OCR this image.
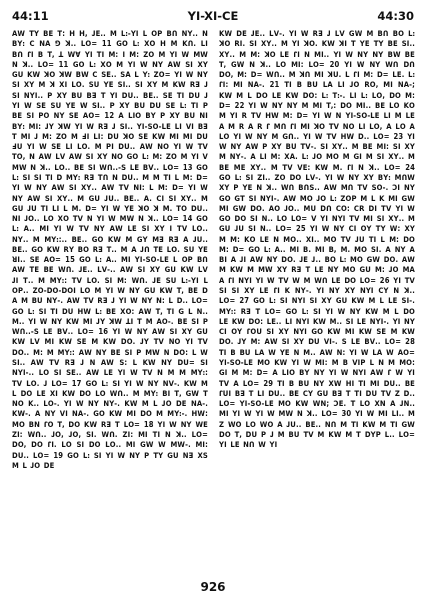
44:11	YI-XI-CE	44:30

ꓮꓪ ꓔꓬ ꓐꓰ ꓔ: ꓧ ꓧ, ꓙꓰ.. ꓟ ꓡꓽ-ꓬꓲ ꓡ ꓳꓑ ꓐꓵ ꓠꓬ.. ꓠ ꓐꓬꓽ ꓚ ꓠꓮ ꓨ ꓘ.. ꓡꓳ= 11 ꓖꓳ ꓡꓽ ꓫꓳ ꓧ ꓟ ꓗꓵ. ꓡꓲ ꓐꓵ ꓩꓲ ꓐ ꓔꓹ ꓕ ꓪꓯ ꓬꓲ ꓔꓲ ꓟ: ꓲ ꓟ: ꓜꓳ ꓟ ꓬꓲ ꓪ ꓟꓪ ꓠ ꓘ.. ꓡꓳ= 11 ꓖꓳ ꓡꓽ ꓫꓳ ꓟ ꓬꓲ ꓪ ꓠꓬ ꓮꓪ ꓢꓲ ꓫꓬ ꓖꓴ ꓗꓪ ꓘꓳ ꓘꓪ ꓐꓪ ꓚ ꓢꓰ.. ꓢꓮ ꓡ ꓬꓽ ꓜꓳ= ꓬꓲ ꓪ ꓠꓬ ꓢꓲ ꓫꓬ ꓟ ꓘ ꓫꓲ ꓡꓳ. ꓢꓴ ꓬꓰ ꓢꓲ.. ꓢꓲ ꓫꓬ ꓟ ꓗꓪ ꓣꓱ ꓙ ꓢꓲ ꓠꓬꓲ.. ꓑ ꓫꓬ ꓐꓴ ꓐꓱ ꓔ ꓬꓲ ꓓꓴ.. ꓐꓰ.. ꓢꓰ ꓔꓲ ꓓꓴ ꓙ ꓬꓲ ꓪ ꓢꓰ ꓢꓴ ꓬꓰ ꓪ ꓢꓲ.. ꓑ ꓫꓬ ꓐꓴ ꓓꓴ ꓢꓰ ꓡꓽ ꓔꓲ ꓑ ꓐꓰ ꓢꓲ ꓑꓳ ꓠꓬ ꓢꓰ ꓮꓳ= 12 ꓮ ꓡꓲꓳ ꓐꓬ ꓑ ꓫꓬ ꓐꓴ ꓠꓲ ꓐꓬꓽ ꓟꓲ: ꓙꓬ ꓘꓪ ꓬꓲ ꓪ ꓣꓱ ꓙ ꓢꓲ.. ꓬꓲ-ꓢꓳ-ꓡꓰ ꓡꓲ ꓦꓲ ꓐꓱ ꓔ ꓟꓲ ꓙ ꓟ: ꓜꓳ ꓟ ꓞꓲ ꓡꓲ: ꓓꓴ ꓘꓳ ꓢꓰ ꓗꓪ ꓟꓲ ꓟꓲ ꓓꓴ ꓞꓴ ꓬꓲ ꓪ ꓢꓰ ꓡꓲ ꓡꓳ. ꓟ ꓑꓲ ꓓꓴ.. ꓮꓪ ꓠꓳ ꓬꓲ ꓪ ꓔꓦ ꓔꓳ, ꓠ ꓮꓪ ꓡꓦ ꓮꓪ ꓢꓲ ꓫꓬ ꓠꓳ ꓖꓳ ꓡꓽ ꓟ: ꓜꓳ ꓟ ꓬꓲ ꓦ ꓟꓪ ꓠ ꓘ.. ꓡꓳ.. ꓐꓰ ꓢꓲ ꓪꓵ..-ꓢ ꓡꓰ ꓐꓦ.. ꓡꓳ= 13 ꓖꓳ ꓡꓽ ꓢꓲ ꓢꓲ ꓔꓲ ꓓ ꓟꓬꓽ ꓣꓱ ꓔꓵ ꓠ ꓓꓴ.. ꓟ ꓟ ꓔꓲ ꓡ ꓟ: ꓓ= ꓬꓲ ꓪ ꓠꓬ ꓮꓪ ꓢꓲ ꓫꓬ.. ꓮꓪ ꓔꓦ ꓠꓲ: ꓡ ꓟ: ꓓ= ꓬꓲ ꓪ ꓠꓬ ꓮꓪ ꓢꓲ ꓫꓬ.. ꓟ ꓖꓴ ꓙꓴ.. ꓐꓰ.. ꓮ. ꓚꓲ ꓢꓲ ꓫꓬ.. ꓟ ꓖꓴ ꓙꓴ ꓔꓲ ꓡꓲ ꓡ ꓟ. ꓓ= ꓬꓲ ꓪ ꓬꓰ ꓘꓳ ꓘ ꓟ. ꓔꓳ ꓓꓴ.. ꓠꓲ ꓙꓳ.. ꓡꓳ ꓫꓳ ꓔꓦ ꓠ ꓬꓲ ꓪ ꓟꓪ ꓠ ꓘ.. ꓡꓳ= 14 ꓖꓳ ꓡꓽ ꓮ.. ꓟꓲ ꓬꓲ ꓪ ꓔꓦ ꓠꓬ ꓮꓪ ꓡꓰ ꓢꓲ ꓫꓬ ꓲ ꓔꓦ ꓡꓳ.. ꓠꓬ.. ꓟ ꓟꓬꓽ:.. ꓐꓰ.. ꓖꓳ ꓗꓪ ꓟ ꓖꓬ ꓟꓱ ꓣꓱ ꓮ ꓙꓴ.. ꓐꓰ.. ꓖꓳ ꓗꓪ ꓣꓬ ꓐꓳ ꓣꓱ ꓔ.. ꓟ ꓮ ꓙꓵ ꓔꓰ ꓡꓳ. ꓢꓴ ꓬꓰ ꓤꓲ.. ꓢꓰ ꓮꓳ= 15 ꓖꓳ ꓡꓽ ꓮ.. ꓟꓲ ꓬꓲ-ꓢꓳ-ꓡꓰ ꓡ ꓳꓑ ꓐꓵ ꓮꓪ ꓔꓰ ꓐꓰ ꓪꓵ. ꓙꓰ.. ꓡꓦ-.. ꓮꓪ ꓢꓲ ꓫꓬ ꓖꓴ ꓗꓪ ꓡꓦ ꓙꓲ ꓔ.. ꓟ ꓟꓬꓽ: ꓔꓦ ꓡꓳ. ꓢꓲ ꓟ: ꓪꓵ. ꓙꓰ ꓢꓴ ꓡꓽ-ꓬꓲ ꓡ ꓳꓑ.. ꓜꓳ-ꓓꓳ-ꓓꓳꓲ ꓡꓳ ꓟ ꓬꓲ ꓪ ꓠꓬ ꓖꓴ ꓗꓪ ꓔꓹ ꓐꓰ ꓓ ꓮ ꓟ ꓐꓴ ꓠꓬ-. ꓮꓪ ꓔꓦ ꓣꓱ ꓙ ꓬꓲ ꓪ ꓠꓬ ꓠ: ꓡ ꓓ.. ꓡꓳ= ꓖꓳ ꓡꓽ ꓢꓲ ꓔꓲ ꓓꓴ ꓧꓪ ꓡꓽ ꓐꓰ ꓫꓳ: ꓮꓪ ꓔꓹ ꓔꓲ ꓖ ꓡ ꓠ.. ꓟ.. ꓬꓲ ꓪ ꓠꓬ ꓗꓪ ꓟꓲ ꓙꓬ ꓘꓪ ꓕꓲ ꓔ ꓟ ꓮꓳ-. ꓐꓰ ꓢꓲ ꓑ ꓪꓵ..-ꓢ ꓡꓰ ꓐꓦ.. ꓡꓳ= 16 ꓬꓲ ꓪ ꓠꓬ ꓮꓪ ꓢꓲ ꓫꓬ ꓖꓴ ꓗꓪ ꓡꓦ ꓟꓲ ꓗꓪ ꓢꓰ ꓟ ꓗꓪ ꓓꓳ. ꓙꓬ ꓔꓦ ꓠꓳ ꓬꓲ ꓔꓦ ꓓꓳ.. ꓟ: ꓟ ꓟꓬꓽ: ꓮꓪ ꓠꓬ ꓐꓰ ꓢꓲ ꓑ ꓟꓪ ꓠ ꓓꓳ: ꓡ ꓪ ꓢꓲ.. ꓮꓪ ꓔꓦ ꓣꓱ ꓙ ꓠ ꓮꓪ ꓢ: ꓡ ꓗꓪ ꓠꓬ ꓓꓴ= ꓢꓲ ꓠꓬꓲ-.. ꓡꓳ ꓢꓲ ꓢꓰ.. ꓮꓪ ꓡꓰ ꓬꓲ ꓪ ꓔꓦ ꓠ ꓟ ꓟ ꓟꓬꓽ: ꓔꓦ ꓡꓳ. ꓙ ꓡꓳ= 17 ꓖꓳ ꓡꓽ ꓢꓲ ꓬꓲ ꓪ ꓠꓬ ꓠꓦ-. ꓗꓪ ꓟ ꓡ ꓓꓳ ꓡꓰ ꓫꓲ ꓗꓪ ꓓꓳ ꓡꓳ ꓪꓵ.. ꓟ ꓟꓬꓽ ꓐꓲ ꓔꓹ ꓖꓪ ꓔ ꓠꓳ ꓗ.. ꓡꓳ-. ꓬꓲ ꓪ ꓠꓬ ꓠꓬ-. ꓗꓪ ꓟ ꓡ ꓙꓳ ꓓꓰ ꓠꓮ-. ꓗꓪ-. ꓮ ꓠꓬ ꓦꓲ ꓠꓮ-. ꓖꓳ ꓗꓪ ꓟꓲ ꓓꓳ ꓟ ꓟꓬꓽ-. ꓧꓪ: ꓟꓳ ꓐꓠ ꓩꓳ ꓔꓹ ꓓꓳ ꓗꓪ ꓣꓱ ꓔ ꓡꓳ= 18 ꓬꓲ ꓪ ꓠꓬ ꓪꓰ ꓜꓲ: ꓪꓵ.. ꓙꓳ, ꓙꓳ, ꓢꓲ. ꓪꓵ. ꓜꓲ: ꓟꓲ ꓔꓲ ꓠ ꓘ.. ꓡꓳ= ꓓꓳ, ꓓꓳ ꓩꓲ. ꓡꓳ ꓢꓲ ꓓꓳ ꓡꓳ.. ꓟꓲ ꓖꓪ ꓪ ꓟꓪ-. ꓟꓲ: ꓓꓴ.. ꓡꓳ= 19 ꓖꓳ ꓡꓽ ꓢꓲ ꓬꓲ ꓪ ꓠꓬ ꓑ ꓔꓬ ꓖꓴ ꓠꓱ ꓫꓢ ꓟ ꓡ ꓙꓳ ꓓꓰ

ꓗꓪ ꓓꓰ ꓙꓰ.. ꓡꓦ-. ꓬꓲ ꓪ ꓣꓱ ꓙ ꓡꓦ ꓖꓪ ꓟ ꓐꓵ ꓐꓳ ꓡꓽ ꓘꓳ ꓣꓲ. ꓢꓲ ꓫꓬ.. ꓟ ꓬꓲ ꓘꓳ. ꓗꓪ ꓘꓲ ꓔ ꓬꓰ ꓔꓬ ꓐꓰ ꓢꓲ.. ꓫꓬ.. ꓟ ꓟ: ꓘꓳ ꓡꓰ ꓩꓲ ꓠ ꓟꓲ.. ꓬꓲ ꓪ ꓠꓬ ꓠꓬ ꓐꓪ ꓐꓰ ꓔꓹ ꓖꓪ ꓠ ꓘ.. ꓡꓳ ꓟꓲ: ꓡꓳ= 20 ꓬꓲ ꓪ ꓠꓬ ꓪꓵ ꓓꓵ ꓓꓳ, ꓟ: ꓓ= ꓪꓵ.. ꓟ ꓘꓵ ꓟꓲ ꓘꓴ. ꓡ ꓩꓲ ꓟ: ꓓ= ꓡꓰ. ꓡꓽ ꓩꓲ: ꓟꓲ ꓠꓮ-. 21 ꓔꓲ ꓐ ꓐꓴ ꓡꓮ ꓡꓲ ꓙꓳ ꓣꓳ, ꓟꓲ ꓠꓮ-; ꓗꓪ ꓟ ꓡ ꓓꓳ ꓡꓰ ꓗꓪ ꓓꓳ: ꓡꓽ ꓔꓽ-. ꓡꓲ ꓡꓽ ꓡꓳ, ꓓꓳ ꓟ: ꓓ= 22 ꓬꓲ ꓪ ꓠꓬ ꓠꓬ ꓟ ꓟꓲ ꓔꓹ: ꓓꓳ ꓟꓲ.. ꓐꓰ ꓡꓳ ꓗꓳ ꓟ ꓬꓲ ꓣ ꓔꓦ ꓧꓪ ꓟ: ꓓ= ꓬꓲ ꓪ ꓠ ꓬꓲ-ꓢꓳ-ꓡꓰ ꓡꓲ ꓟ ꓡꓰ ꓮ ꓟ ꓣ ꓮ ꓣ ꓩ ꓟꓵ ꓩꓲ ꓟꓲ ꓘꓳ ꓔꓦ ꓠꓳ ꓡꓲ ꓡꓳ, ꓮ ꓡꓳ ꓮ ꓡꓳ ꓬꓲ ꓪ ꓠꓬ ꓟ ꓖꓵ.. ꓬꓲ ꓪ ꓔꓦ ꓧꓪ ꓓ.. ꓡꓳ= 23 ꓬꓲ ꓪ ꓠꓬ ꓮꓪ ꓑ ꓫꓬ ꓐꓴ ꓔꓦ-. ꓢꓲ ꓫꓬ.. ꓟ ꓐꓰ ꓟꓲ: ꓢꓲ ꓫꓬ ꓟ ꓠꓬ-. ꓮ ꓡꓲ ꓟ: ꓫꓮ. ꓡꓽ ꓙꓳ ꓟꓳ ꓟ ꓖꓲ ꓟ ꓢꓲ ꓫꓬ.. ꓟ ꓐꓰ ꓟꓰ ꓫꓬ.. ꓟ ꓔꓦ ꓦꓰ: ꓗꓪ ꓟ. ꓩꓲ ꓠ ꓘ.. ꓡꓳ= 24 ꓖꓳ ꓡꓽ ꓢꓲ ꓜꓲ.. ꓜꓳ ꓓꓳ ꓡꓦ-. ꓬꓲ ꓪ ꓠꓬ ꓫꓬ ꓐꓬꓽ ꓟꓵꓪ ꓫꓬ ꓑ ꓬꓰ ꓠ ꓘ.. ꓪꓵ ꓐꓵꓢ.. ꓮꓪ ꓟꓵ ꓔꓦ ꓢꓳ-. ꓛꓲ ꓠꓬ ꓖꓳ ꓖꓔ ꓢꓲ ꓠꓬꓲ-. ꓮꓪ ꓟꓳ ꓙꓳ ꓡꓽ ꓜꓳꓑ ꓟ ꓡ ꓗ ꓟꓲ ꓖꓪ ꓟꓲ ꓖꓪ ꓓꓳ. ꓮꓳ ꓙꓳ.. ꓟꓴ ꓓꓵ ꓚꓳ: ꓚꓣ ꓓꓲ ꓔꓦ ꓬꓲ ꓪ ꓖꓳ ꓓꓳ ꓢꓲ ꓠ.. ꓡꓳ ꓡꓳ= ꓦ ꓬꓲ ꓠꓬꓲ ꓔꓦ ꓟꓲ ꓢꓲ ꓫꓬ.. ꓟ ꓖꓴ ꓙꓴ ꓢꓲ ꓠ.. ꓡꓳ= 25 ꓬꓲ ꓪ ꓠꓬ ꓚꓲ ꓳꓬ ꓔꓬ ꓪ: ꓫꓬ ꓟ ꓟ: ꓗꓳ ꓡꓰ ꓠ ꓟꓳ.. ꓫꓲ.. ꓟꓳ ꓔꓦ ꓙꓴ ꓔꓲ ꓡ ꓟ: ꓓꓳ ꓟ: ꓓ= ꓖꓳ ꓡꓽ ꓮ.. ꓟꓲ ꓐ. ꓟꓲ ꓐ, ꓟ. ꓟꓳ ꓢꓲ. ꓮ ꓠꓬ ꓮ ꓐꓲ ꓮ ꓙꓲ ꓮꓪ ꓠꓬ ꓓꓳ. ꓙꓰ ꓙ.. ꓐꓳ ꓡꓽ ꓟꓳ ꓖꓪ ꓓꓳ. ꓮꓪ ꓟ ꓗꓪ ꓟ ꓟꓪ ꓫꓬ ꓣꓱ ꓔ ꓡꓰ ꓠꓬ ꓟꓳ ꓖꓴ ꓟ: ꓙꓳ ꓟꓮ ꓮ ꓩꓲ ꓠꓬꓲ ꓬꓲ ꓪ ꓔꓦ ꓪ ꓟ ꓪꓵ ꓡꓰ ꓓꓳ ꓡꓳ= 26 ꓬꓲ ꓔꓦ ꓢꓲ ꓢꓲ ꓫꓬ ꓡꓰ ꓩꓲ ꓗ ꓠꓬ-. ꓬꓲ ꓠꓬ ꓫꓬ ꓠꓬꓲ ꓚꓬ ꓠ ꓘ.. ꓡꓳ= 27 ꓖꓳ ꓡꓽ ꓢꓲ ꓠꓬꓲ ꓢꓲ ꓫꓬ ꓖꓴ ꓗꓪ ꓟ ꓡ ꓡꓰ ꓢꓲ-. ꓟꓬꓽ: ꓣꓱ ꓔ ꓡꓳ= ꓖꓳ ꓡꓽ ꓢꓲ ꓬꓲ ꓪ ꓠꓬ ꓗꓪ ꓟ ꓡ ꓓꓳ ꓡꓰ ꓗꓪ ꓓꓳ: ꓡꓰ.. ꓡꓲ ꓠꓬꓲ ꓗꓪ ꓟ.. ꓢꓲ ꓡꓰ ꓠꓬꓲ-. ꓬꓲ ꓠꓬ ꓚꓲ ꓳꓬ ꓩꓳꓴ ꓢꓲ ꓫꓬ ꓠꓬꓲ ꓖꓳ ꓗꓪ ꓟꓲ ꓗꓪ ꓢꓰ ꓟ ꓗꓪ ꓓꓳ. ꓙꓬ ꓟ: ꓮꓪ ꓢꓲ ꓫꓬ ꓓꓴ ꓦꓲ-. ꓢ ꓡꓰ ꓐꓦ.. ꓡꓳ= 28 ꓔꓲ ꓐ ꓐꓴ ꓡꓮ ꓪ ꓬꓰ ꓠ ꓟ.. ꓮꓪ ꓠ: ꓬꓲ ꓪ ꓡꓮ ꓪ ꓮꓳ= ꓬꓲ-ꓢꓳ-ꓡꓰ ꓟꓳ ꓗꓪ ꓬꓲ ꓪ ꓟꓲ: ꓟ ꓐ ꓦꓲꓑ ꓡ ꓠ ꓟ ꓟꓳ: ꓖꓲ ꓟ ꓟ: ꓓ= ꓮ ꓡꓲꓳ ꓐꓬ ꓠꓬ ꓬꓲ ꓪ ꓠꓬꓲ ꓮꓪ ꓩ ꓪ ꓬꓲ ꓔꓦ ꓮ ꓡꓳ= 29 ꓔꓲ ꓐ ꓐꓴ ꓠꓬ ꓫꓪ ꓧꓲ ꓔꓲ ꓟꓲ ꓓꓴ.. ꓐꓰ ꓩꓴꓲ ꓐꓱ ꓔ ꓡꓲ ꓓꓴ.. ꓐꓰ ꓚꓬ ꓖꓴ ꓐꓱ ꓔ ꓔꓲ ꓓꓴ ꓔꓦ ꓜ ꓓ.. ꓡꓳ= ꓬꓲ-ꓢꓳ-ꓡꓰ ꓟꓳ ꓗꓪ ꓪꓠ; ꓛꓰ. ꓔ ꓡꓳ ꓫꓠ ꓮ ꓙꓠ.. ꓟꓲ ꓬꓲ ꓪ ꓬꓲ ꓪ ꓟꓪ ꓠ ꓘ.. ꓡꓳ= 30 ꓬꓲ ꓪ ꓟꓲ ꓡꓲ.. ꓟ ꓜ ꓪꓳ ꓡꓳ ꓪꓳ ꓮ ꓙꓴ.. ꓐꓰ.. ꓠꓵ ꓟ ꓔꓲ ꓗꓪ ꓟ ꓔꓲ ꓖꓪ ꓓꓳ ꓔꓹ ꓓꓴ ꓑ ꓙ ꓟ ꓐꓴ ꓔꓦ ꓟ ꓗꓪ ꓟ ꓔ ꓓꓬꓑ ꓡ.. ꓡꓳ= ꓬꓲ ꓡꓰ ꓠꓵ ꓪ ꓬꓲ

926
